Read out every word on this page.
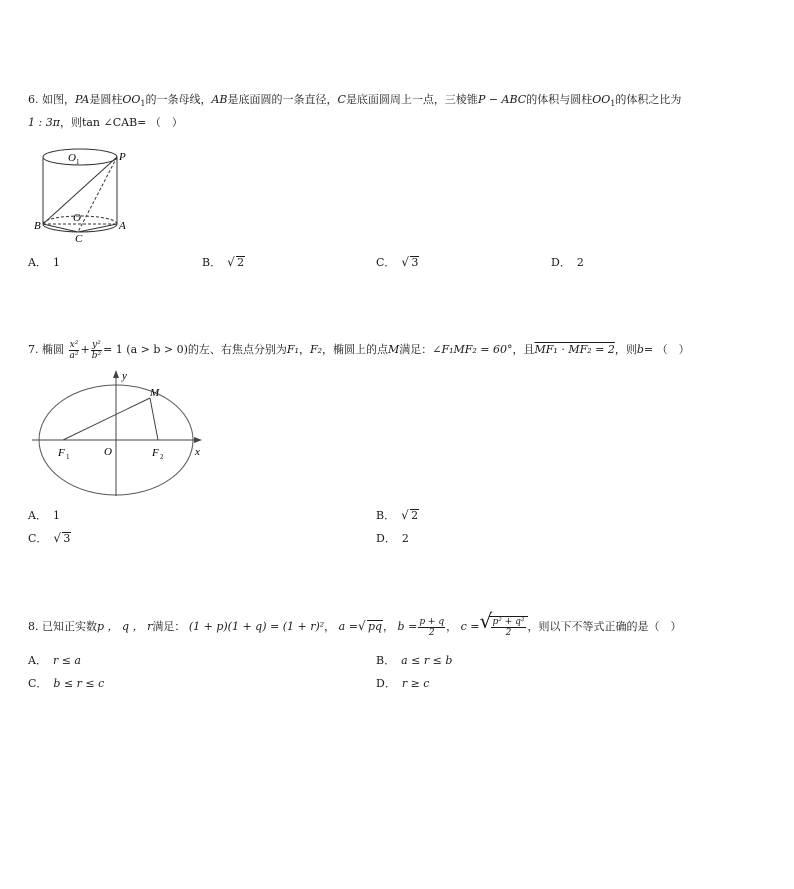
6. 如图，PA是圆柱$OO_1$的一条母线，AB是底面圆的一条直径，C是底面圆周上一点，三棱锥P − ABC的体积与圆柱$OO_1$的体积之比为
1 : 3π，则tan ∠CAB= （　）
O 1	P
O
B	A
C
A． 1	B． √ 2	C． √ 3	D． 2
7. 椭圆 $\frac{\text{x²}}{\text{a²}} + \frac{\text{y²}}{\text{b²}} = 1$ (a > b > 0)的左、右焦点分别为F₁，F₂，椭圆上的点M满足：∠F₁MF₂ = 60°，且MF₁ · MF₂ = 2，则b= （　）
y
x
M
F 1	O	F 2
A． 1	B． √ 2
C． √ 3	D． 2
8. 已知正实数p ， q ， r满足： (1 + p)(1 + q) = (1 + r)²， a = √ pq， $b = \frac{p + q}{2}$ ， c = √ $\frac{\text{p² + q²}}{2}$ ，则以下不等式正确的是（　）
A． r ≤ a	B． a ≤ r ≤ b
C． b ≤ r ≤ c	D． r ≥ c
